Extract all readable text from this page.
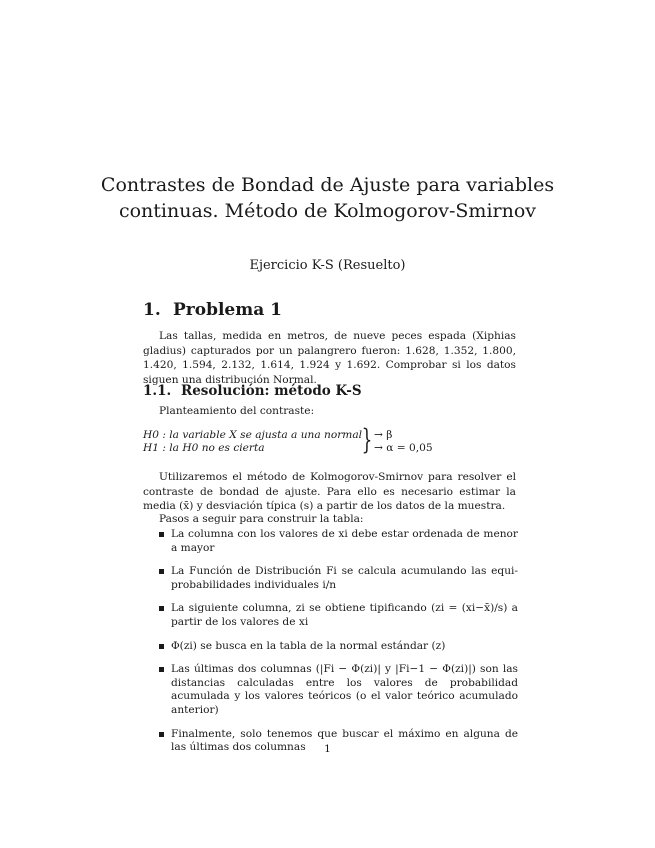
Contrastes de Bondad de Ajuste para variables
continuas. Método de Kolmogorov-Smirnov
Ejercicio K-S (Resuelto)
1. Problema 1
Las tallas, medida en metros, de nueve peces espada (Xiphias gladius) capturados por un palangrero fueron: 1.628, 1.352, 1.800, 1.420, 1.594, 2.132, 1.614, 1.924 y 1.692. Comprobar si los datos siguen una distribución Normal.
1.1. Resolución: método K-S
Planteamiento del contraste:
H0 : la variable X se ajusta a una normal
H1 : la H0 no es cierta	} → β
→ α = 0,05
Utilizaremos el método de Kolmogorov-Smirnov para resolver el contraste de bondad de ajuste. Para ello es necesario estimar la media (x̄) y desviación típica (s) a partir de los datos de la muestra.
Pasos a seguir para construir la tabla:
La columna con los valores de xi debe estar ordenada de menor a mayor
La Función de Distribución Fi se calcula acumulando las equi-probabilidades individuales i/n
La siguiente columna, zi se obtiene tipificando (zi = (xi−x̄)/s) a partir de los valores de xi
Φ(zi) se busca en la tabla de la normal estándar (z)
Las últimas dos columnas (|Fi − Φ(zi)| y |Fi−1 − Φ(zi)|) son las distancias calculadas entre los valores de probabilidad acumulada y los valores teóricos (o el valor teórico acumulado anterior)
Finalmente, solo tenemos que buscar el máximo en alguna de las últimas dos columnas	1
